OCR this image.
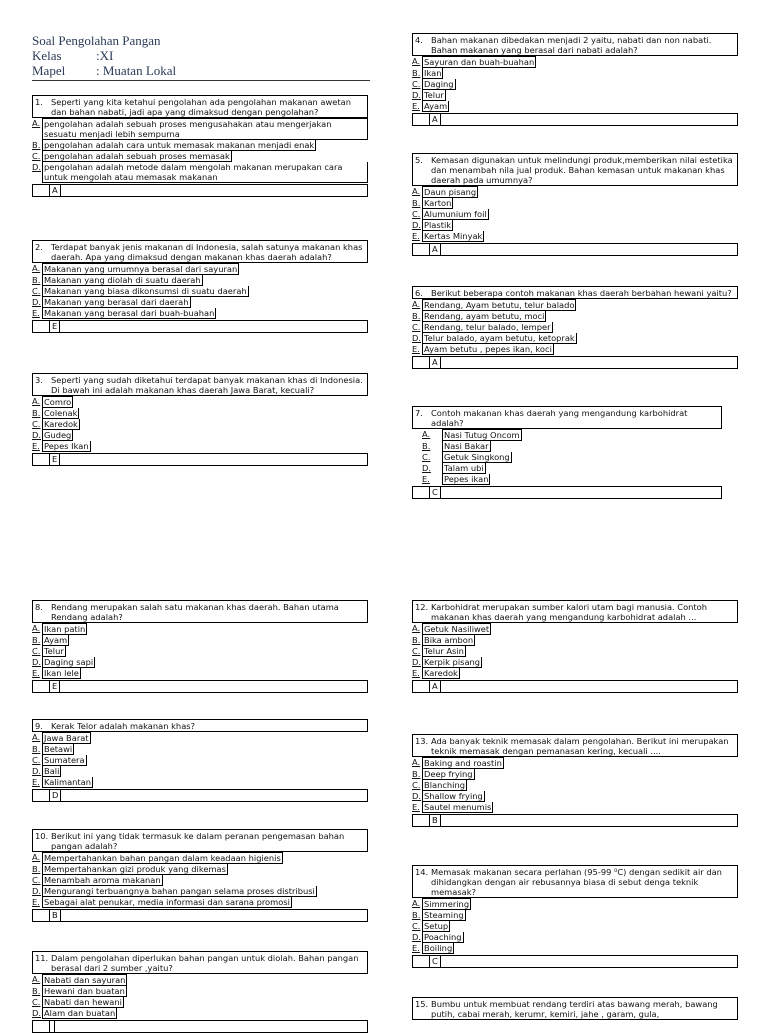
Soal Pengolahan Pangan
Kelas	:XI
Mapel	: Muatan Lokal
1. Seperti yang kita ketahui pengolahan ada pengolahan makanan awetan dan bahan nabati, jadi apa yang dimaksud dengan pengolahan?
A. pengolahan adalah sebuah proses mengusahakan atau mengerjakan sesuatu menjadi lebih sempurna
B. pengolahan adalah cara untuk memasak makanan menjadi enak
C. pengolahan adalah sebuah proses memasak
D. pengolahan adalah metode dalam mengolah makanan merupakan cara untuk mengolah atau memasak makanan
A
2. Terdapat banyak jenis makanan di Indonesia, salah satunya makanan khas daerah. Apa yang dimaksud dengan makanan khas daerah adalah?
A. Makanan yang umumnya berasal dari sayuran
B. Makanan yang diolah di suatu daerah
C. Makanan yang biasa dikonsumsi di suatu daerah
D. Makanan yang berasal dari daerah
E. Makanan yang berasal dari buah-buahan
E
3. Seperti yang sudah diketahui terdapat banyak makanan khas di Indonesia. Di bawah ini adalah makanan khas daerah Jawa Barat, kecuali?
A. Comro
B. Colenak
C. Karedok
D. Gudeg
E. Pepes Ikan
E
4. Bahan makanan dibedakan menjadi 2 yaitu, nabati dan non nabati. Bahan makanan yang berasal dari nabati adalah?
A. Sayuran dan buah-buahan
B. Ikan
C. Daging
D. Telur
E. Ayam
A
5. Kemasan digunakan untuk melindungi produk,memberikan nilai estetika dan menambah nila jual produk. Bahan kemasan untuk makanan khas daerah pada umumnya?
A. Daun pisang
B. Karton
C. Alumunium foil
D. Plastik
E. Kertas Minyak
A
6. Berikut beberapa contoh makanan khas daerah berbahan hewani yaitu?
A. Rendang, Ayam betutu, telur balado
B. Rendang, ayam betutu, moci
C. Rendang, telur balado, lemper
D. Telur balado, ayam betutu, ketoprak
E. Ayam betutu , pepes ikan, koci
A
7. Contoh makanan khas daerah yang mengandung karbohidrat adalah?
A.	Nasi Tutug Oncom
B.	Nasi Bakar
C.	Getuk Singkong
D.	Talam ubi
E.	Pepes ikan
C
8. Rendang merupakan salah satu makanan khas daerah. Bahan utama Rendang adalah?
A. Ikan patin
B. Ayam
C. Telur
D. Daging sapi
E. Ikan lele
E
9. Kerak Telor adalah makanan khas?
A. Jawa Barat
B. Betawi
C. Sumatera
D. Bali
E. Kalimantan
D
10. Berikut ini yang tidak termasuk ke dalam peranan pengemasan bahan pangan adalah?
A. Mempertahankan bahan pangan dalam keadaan higienis
B. Mempertahankan gizi produk yang dikemas
C. Menambah aroma makanan
D. Mengurangi terbuangnya bahan pangan selama proses distribusi
E. Sebagai alat penukar, media informasi dan sarana promosi
B
11. Dalam pengolahan diperlukan bahan pangan untuk diolah. Bahan pangan berasal dari 2 sumber ,yaitu?
A. Nabati dan sayuran
B. Hewani dan buatan
C. Nabati dan hewani
D. Alam dan buatan
12. Karbohidrat merupakan sumber kalori utam bagi manusia. Contoh makanan khas daerah yang mengandung karbohidrat adalah ...
A. Getuk Nasiliwet
B. Bika ambon
C. Telur Asin
D. Kerpik pisang
E. Karedok
A
13. Ada banyak teknik memasak dalam pengolahan. Berikut ini merupakan teknik memasak dengan pemanasan kering, kecuali ....
A. Baking and roastin
B. Deep frying
C. Blanching
D. Shallow frying
E. Sautel menumis
B
14. Memasak makanan secara perlahan (95-99 ⁰C) dengan sedikit air dan dihidangkan dengan air rebusannya biasa di sebut denga teknik memasak?
A. Simmering
B. Steaming
C. Setup
D. Poaching
E. Boiling
C
15. Bumbu untuk membuat rendang terdiri atas bawang merah, bawang putih, cabai merah, kerumr, kemiri, jahe , garam, gula,
